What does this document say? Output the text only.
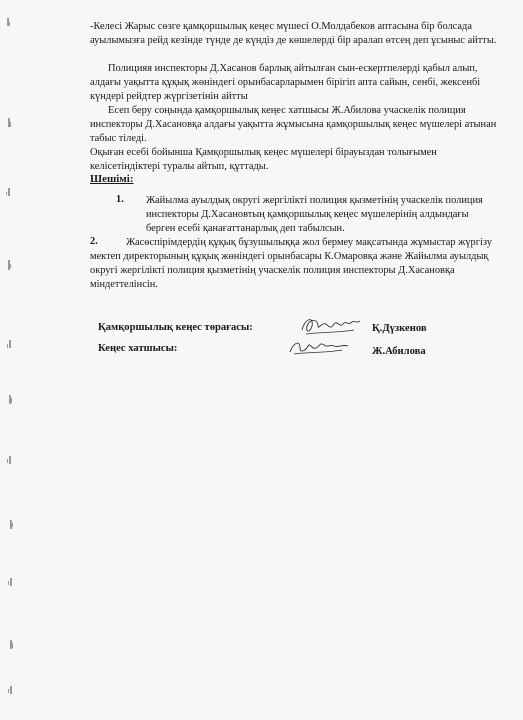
-Келесі Жарыс сөзге қамқоршылық кеңес мүшесі О.Молдабеков аптасына бір болсада ауылымызға рейд кезінде түнде де күндіз де көшелерді бір аралап өтсең деп ұсыныс айтты.

Полицияя инспекторы Д.Хасанов барлық айтылған сын-ескертпелерді қабыл алып, алдағы уақытта құқық жөніндегі орынбасарларымен бірігіп апта сайын, сенбі, жексенбі күндері рейдтер жүргізетінін айтты

Есеп беру соңында қамқоршылық кеңес хатшысы Ж.Абилова учаскелік полиция инспекторы Д.Хасановқа алдағы уақытта жұмысына қамқоршылық кеңес мүшелері атынан табыс тіледі.

Оқыған есебі бойынша Қамқоршылық кеңес мүшелері бірауыздан толығымен келісетіндіктері туралы айтып, құттады.

Шешімі:

1. Жайылма ауылдық округі жергілікті полиция қызметінің учаскелік полиция инспекторы Д.Хасановтың қамқоршылық кеңес мүшелерінің алдындағы берген есебі қанағаттанарлық деп табылсын.

2.	Жасөспірімдердің құқық бұзушылыққа жол бермеу мақсатында жұмыстар жүргізу мектеп директорының құқық жөніндегі орынбасары К.Омаровқа және Жайылма ауылдық округі жергілікті полиция қызметінің учаскелік полиция инспекторы Д.Хасановқа міндеттелінсін.

Қамқоршылық кеңес төрағасы:	Қ.Дүзкенов
Кеңес хатшысы:	Ж.Абилова
